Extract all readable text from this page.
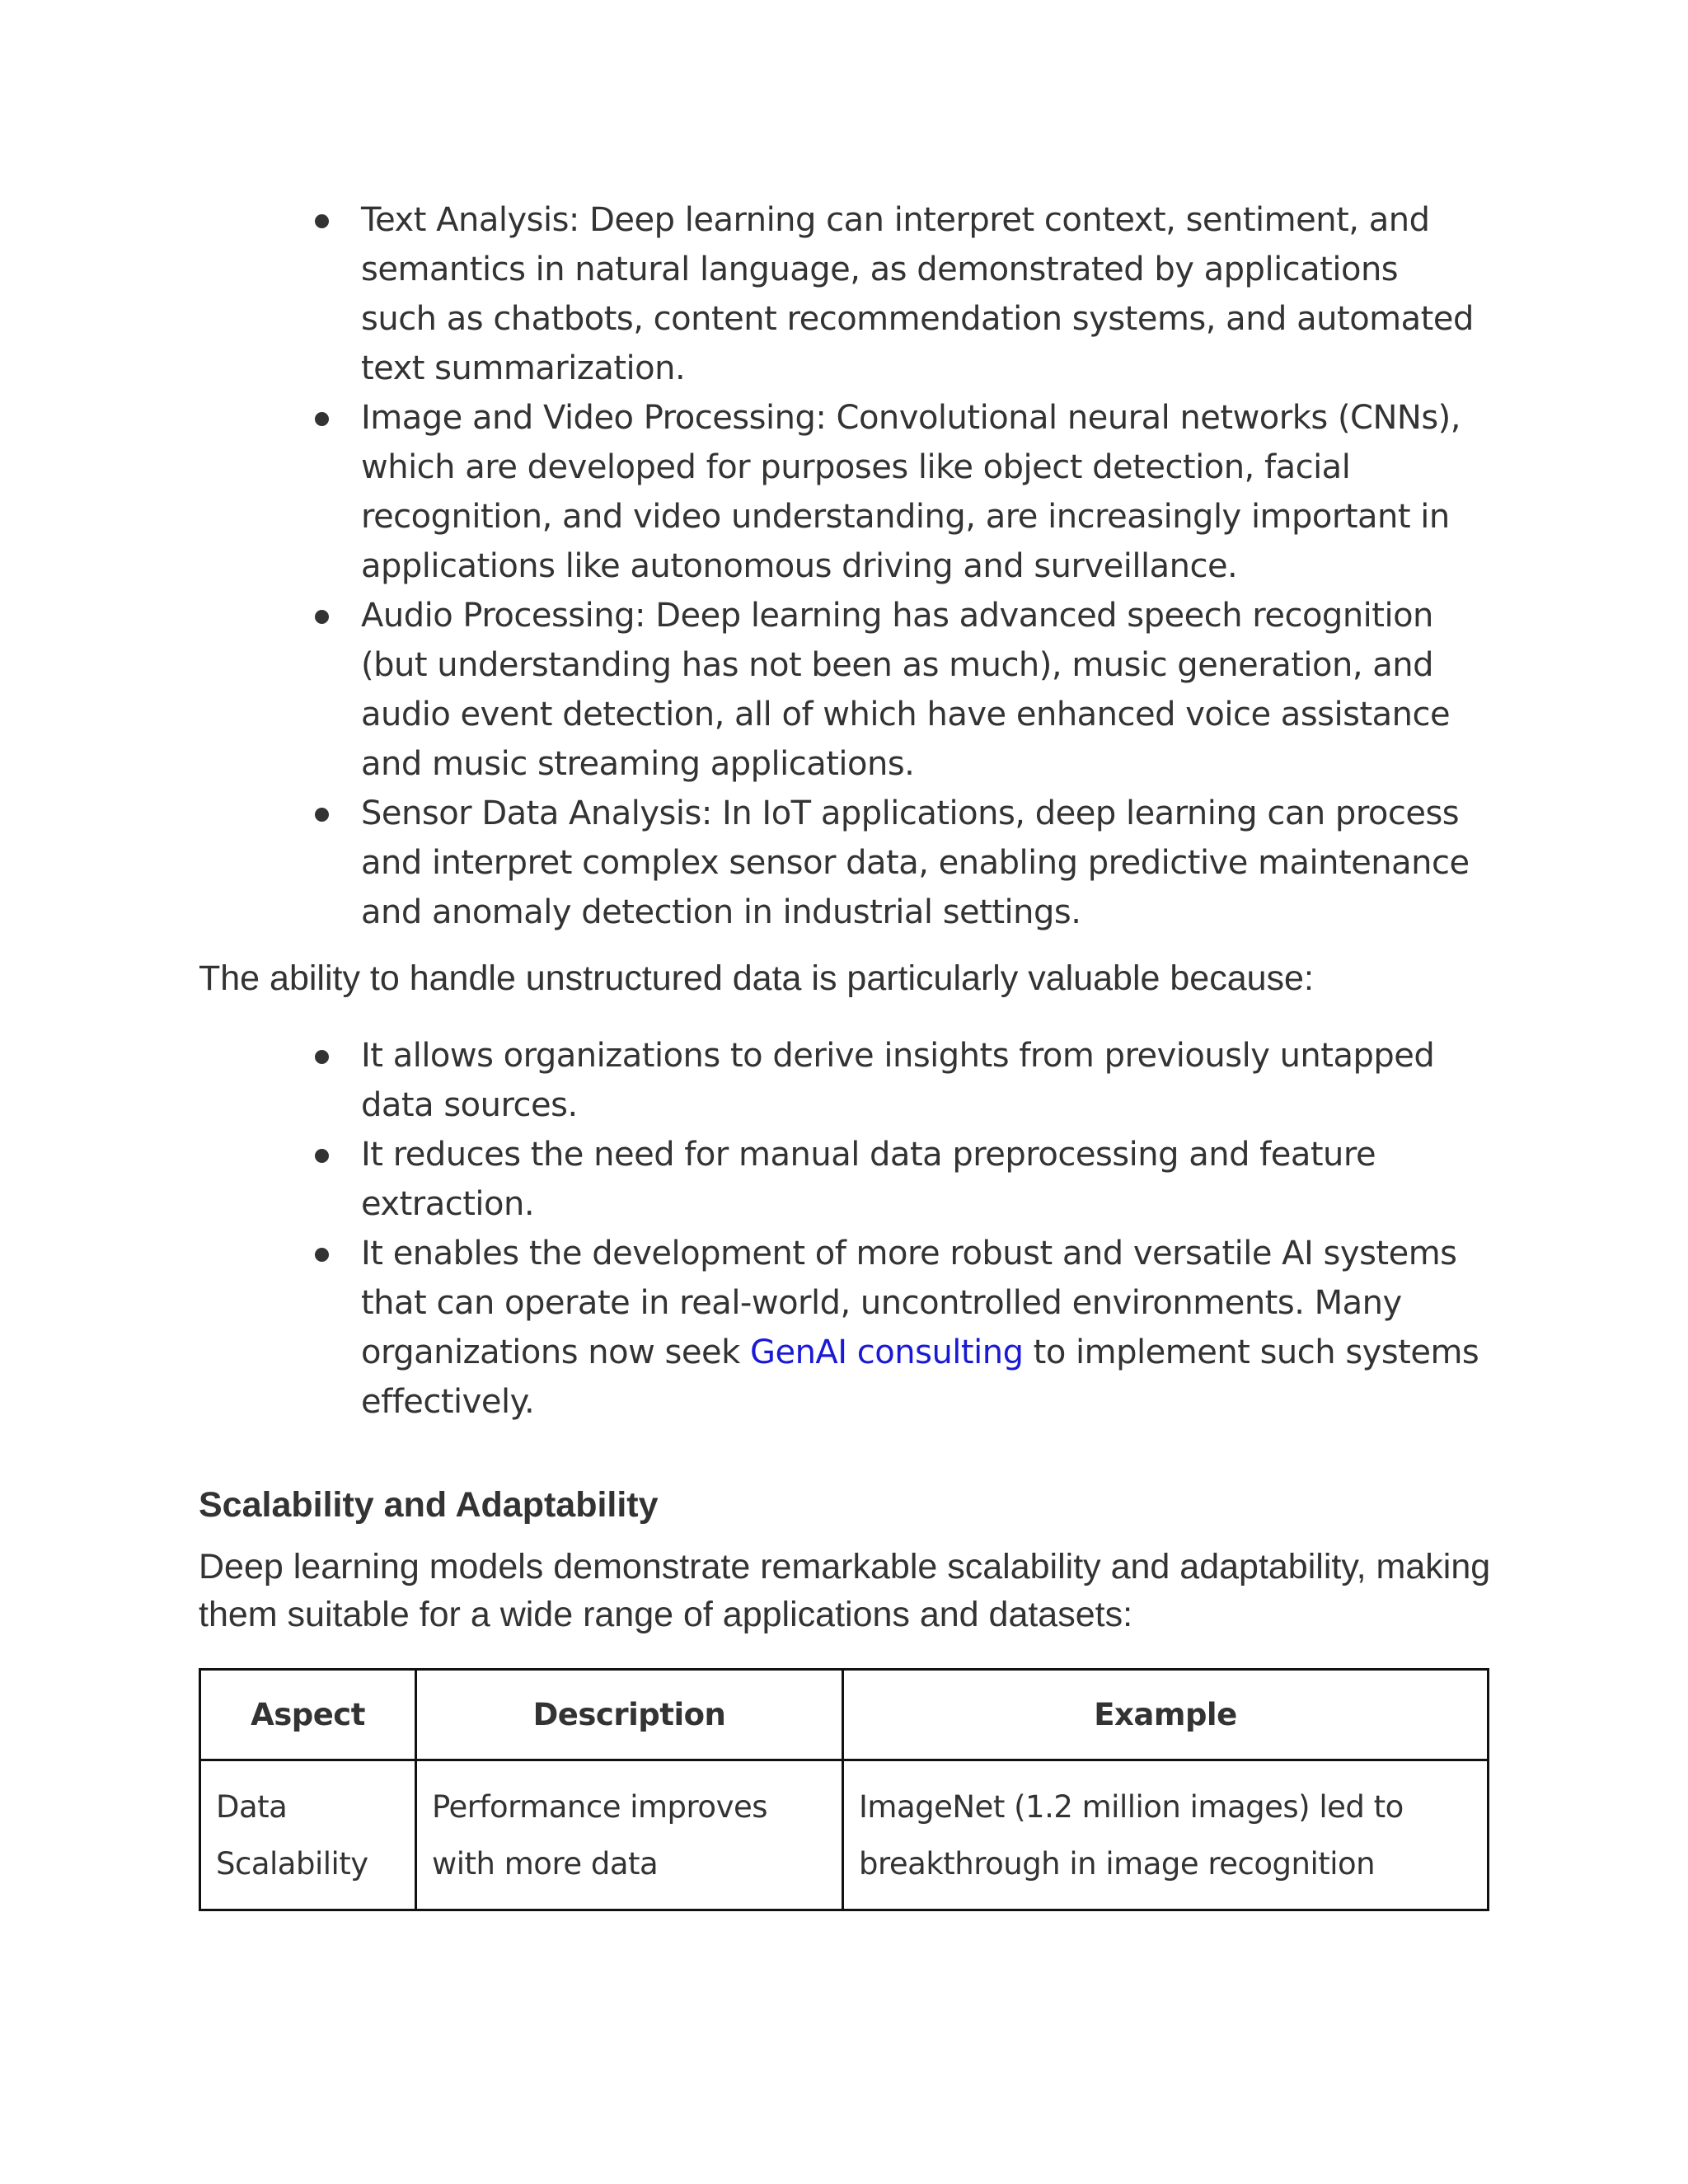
Text Analysis: Deep learning can interpret context, sentiment, and semantics in natural language, as demonstrated by applications such as chatbots, content recommendation systems, and automated text summarization.
Image and Video Processing: Convolutional neural networks (CNNs), which are developed for purposes like object detection, facial recognition, and video understanding, are increasingly important in applications like autonomous driving and surveillance.
Audio Processing: Deep learning has advanced speech recognition (but understanding has not been as much), music generation, and audio event detection, all of which have enhanced voice assistance and music streaming applications.
Sensor Data Analysis: In IoT applications, deep learning can process and interpret complex sensor data, enabling predictive maintenance and anomaly detection in industrial settings.

The ability to handle unstructured data is particularly valuable because:

It allows organizations to derive insights from previously untapped data sources.
It reduces the need for manual data preprocessing and feature extraction.
It enables the development of more robust and versatile AI systems that can operate in real-world, uncontrolled environments. Many organizations now seek GenAI consulting to implement such systems effectively.
Scalability and Adaptability

Deep learning models demonstrate remarkable scalability and adaptability, making them suitable for a wide range of applications and datasets:

Aspect	Description	Example
Data
Scalability	Performance improves with more data	ImageNet (1.2 million images) led to breakthrough in image recognition
